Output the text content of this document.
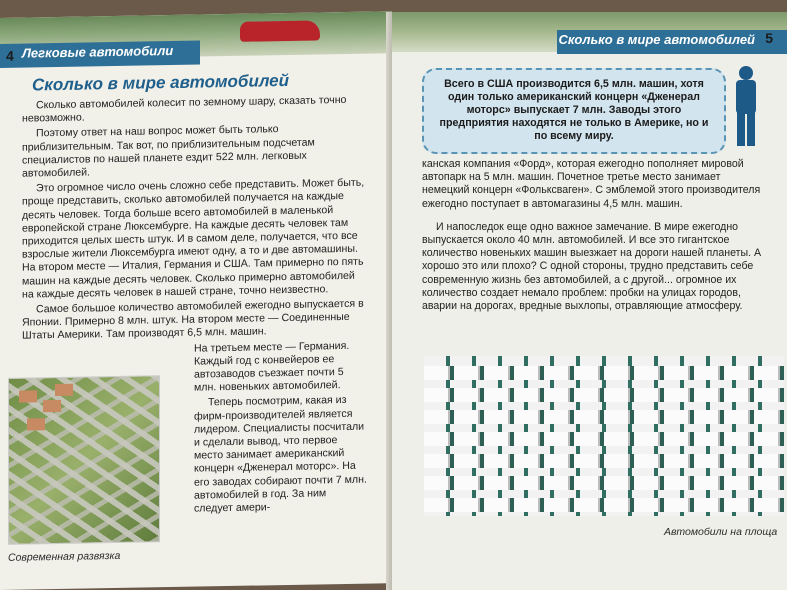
4 Легковые автомобили
Сколько в мире автомобилей

Сколько автомобилей колесит по земному шару, сказать точно невозможно.

Поэтому ответ на наш вопрос может быть только приблизительным. Так вот, по приблизительным подсчетам специалистов по нашей планете ездит 522 млн. легковых автомобилей.

Это огромное число очень сложно себе представить. Может быть, проще представить, сколько автомобилей получается на каждые десять человек. Тогда больше всего автомобилей в маленькой европейской стране Люксембурге. На каждые десять человек там приходится целых шесть штук. И в самом деле, получается, что все взрослые жители Люксембурга имеют одну, а то и две автомашины. На втором месте — Италия, Германия и США. Там примерно по пять машин на каждые десять человек. Сколько примерно автомобилей на каждые десять человек в нашей стране, точно неизвестно.

Самое большое количество автомобилей ежегодно выпускается в Японии. Примерно 8 млн. штук. На втором месте — Соединенные Штаты Америки. Там производят 6,5 млн. машин.

На третьем месте — Германия. Каждый год с конвейеров ее автозаводов съезжает почти 5 млн. новеньких автомобилей.

Теперь посмотрим, какая из фирм-производителей является лидером. Специалисты посчитали и сделали вывод, что первое место занимает американский концерн «Дженерал моторс». На его заводах собирают почти 7 млн. автомобилей в год. За ним следует амери-

Современная развязка
Сколько в мире автомобилей 5
Всего в США производится 6,5 млн. машин, хотя один только американский концерн «Дженерал моторс» выпускает 7 млн. Заводы этого предприятия находятся не только в Америке, но и по всему миру.

канская компания «Форд», которая ежегодно пополняет мировой автопарк на 5 млн. машин. Почетное третье место занимает немецкий концерн «Фольксваген». С эмблемой этого производителя ежегодно поступает в автомагазины 4,5 млн. машин.

И напоследок еще одно важное замечание. В мире ежегодно выпускается около 40 млн. автомобилей. И все это гигантское количество новеньких машин выезжает на дороги нашей планеты. А хорошо это или плохо? С одной стороны, трудно представить себе современную жизнь без автомобилей, а с другой... огромное их количество создает немало проблем: пробки на улицах городов, аварии на дорогах, вредные выхлопы, отравляющие атмосферу.

Автомобили на площа
